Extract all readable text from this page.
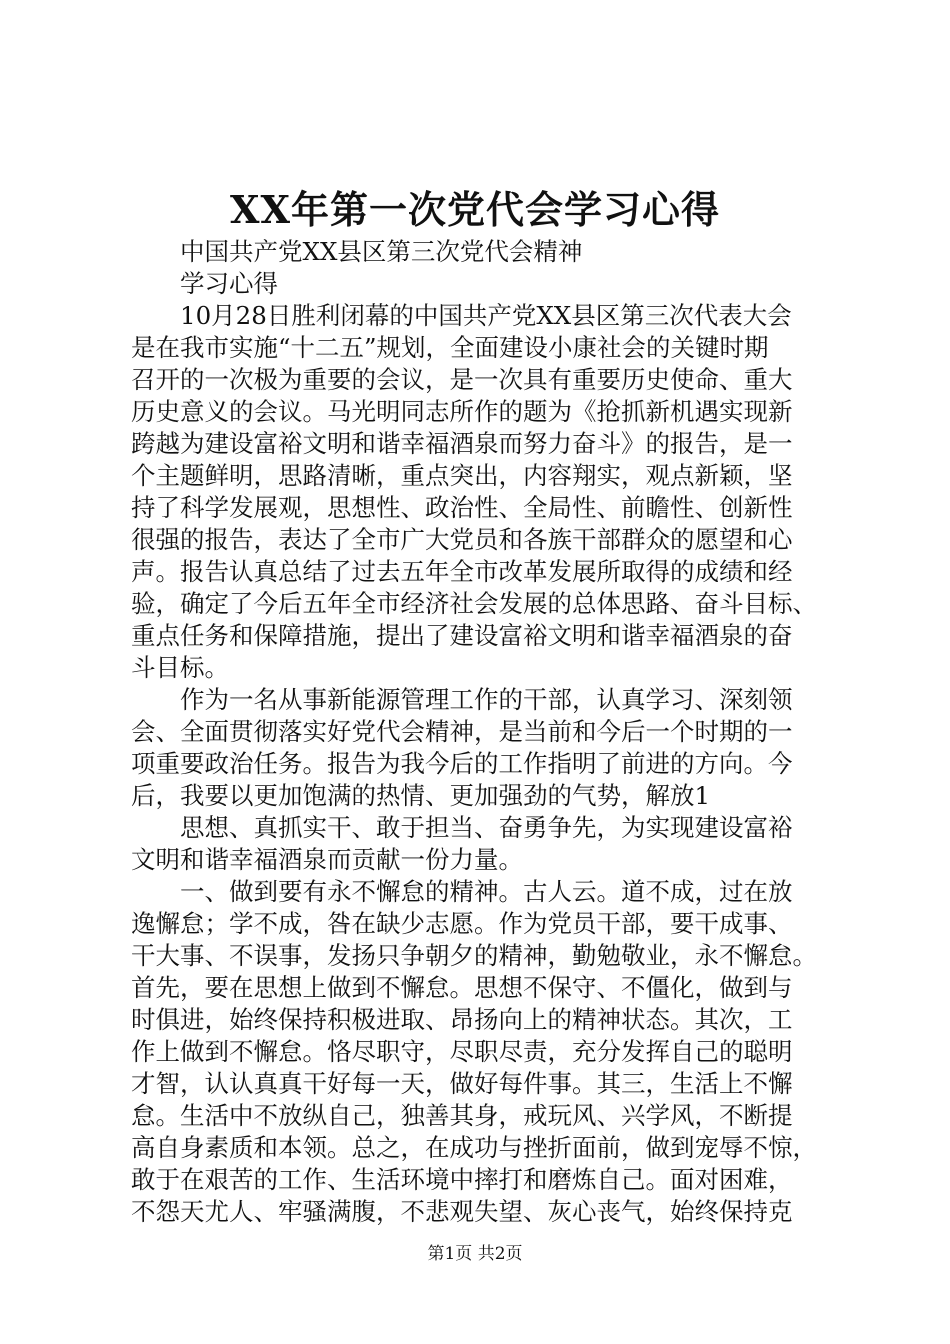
XX年第一次党代会学习心得
中国共产党XX县区第三次党代会精神
学习心得
10月28日胜利闭幕的中国共产党XX县区第三次代表大会
是在我市实施“十二五”规划，全面建设小康社会的关键时期
召开的一次极为重要的会议，是一次具有重要历史使命、重大
历史意义的会议。马光明同志所作的题为《抢抓新机遇实现新
跨越为建设富裕文明和谐幸福酒泉而努力奋斗》的报告，是一
个主题鲜明，思路清晰，重点突出，内容翔实，观点新颖，坚
持了科学发展观，思想性、政治性、全局性、前瞻性、创新性
很强的报告，表达了全市广大党员和各族干部群众的愿望和心
声。报告认真总结了过去五年全市改革发展所取得的成绩和经
验，确定了今后五年全市经济社会发展的总体思路、奋斗目标、
重点任务和保障措施，提出了建设富裕文明和谐幸福酒泉的奋
斗目标。
作为一名从事新能源管理工作的干部，认真学习、深刻领
会、全面贯彻落实好党代会精神，是当前和今后一个时期的一
项重要政治任务。报告为我今后的工作指明了前进的方向。今
后，我要以更加饱满的热情、更加强劲的气势，解放1
思想、真抓实干、敢于担当、奋勇争先，为实现建设富裕
文明和谐幸福酒泉而贡献一份力量。
一、做到要有永不懈怠的精神。古人云。道不成，过在放
逸懈怠；学不成，咎在缺少志愿。作为党员干部，要干成事、
干大事、不误事，发扬只争朝夕的精神，勤勉敬业，永不懈怠。
首先，要在思想上做到不懈怠。思想不保守、不僵化，做到与
时俱进，始终保持积极进取、昂扬向上的精神状态。其次，工
作上做到不懈怠。恪尽职守，尽职尽责，充分发挥自己的聪明
才智，认认真真干好每一天，做好每件事。其三，生活上不懈
怠。生活中不放纵自己，独善其身，戒玩风、兴学风，不断提
高自身素质和本领。总之，在成功与挫折面前，做到宠辱不惊，
敢于在艰苦的工作、生活环境中摔打和磨炼自己。面对困难，
不怨天尤人、牢骚满腹，不悲观失望、灰心丧气，始终保持克
第1页 共2页
